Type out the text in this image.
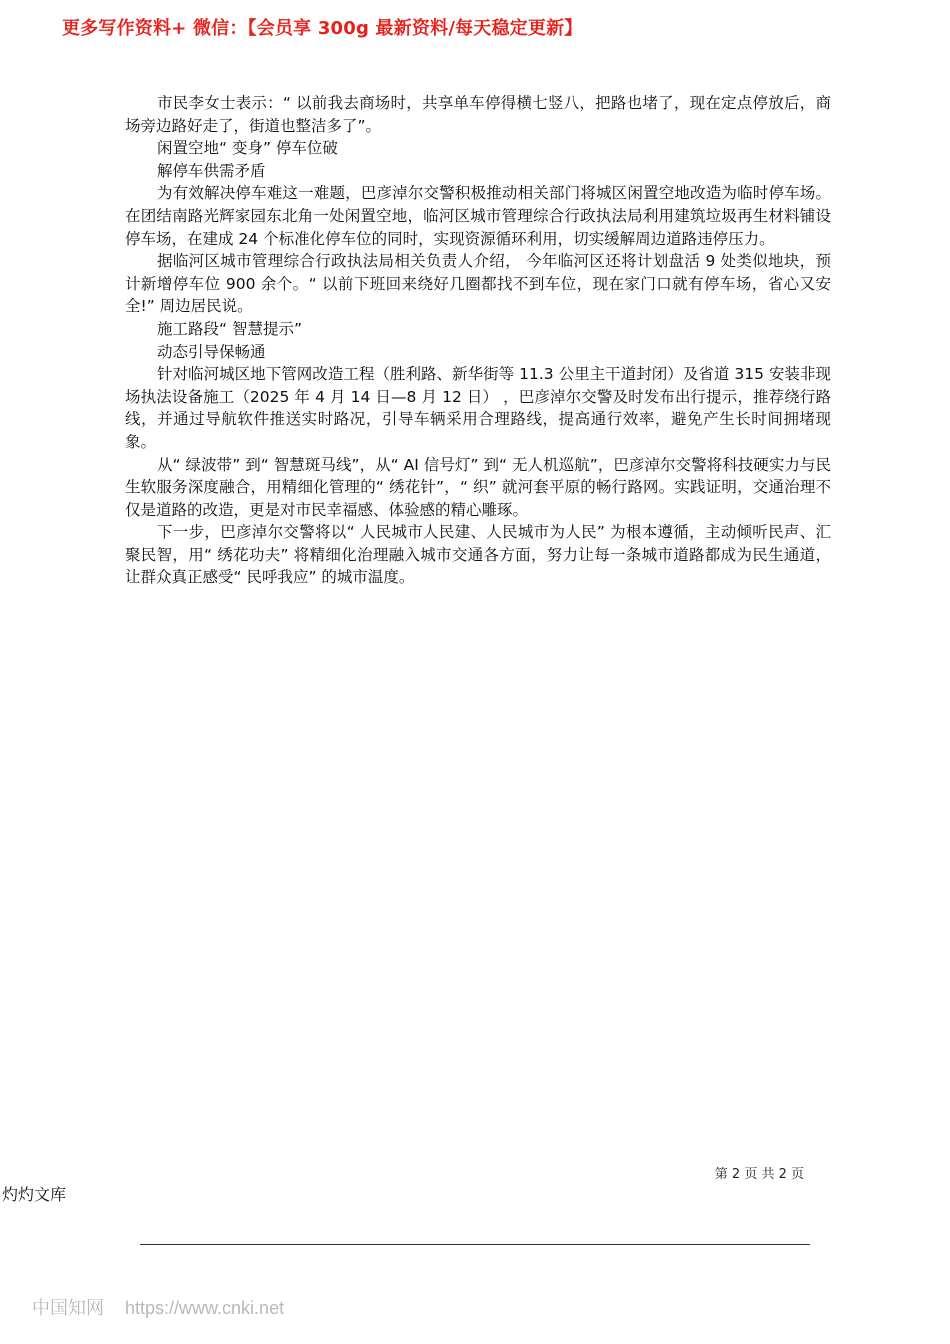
更多写作资料+ 微信：【会员享 300g 最新资料/每天稳定更新】

市民李女士表示：“ 以前我去商场时，共享单车停得横七竖八，把路也堵了，现在定点停放后，商场旁边路好走了，街道也整洁多了”。

闲置空地“ 变身” 停车位破

解停车供需矛盾

为有效解决停车难这一难题，巴彦淖尔交警积极推动相关部门将城区闲置空地改造为临时停车场。在团结南路光辉家园东北角一处闲置空地，临河区城市管理综合行政执法局利用建筑垃圾再生材料铺设停车场，在建成 24 个标准化停车位的同时，实现资源循环利用，切实缓解周边道路违停压力。

据临河区城市管理综合行政执法局相关负责人介绍， 今年临河区还将计划盘活 9 处类似地块，预计新增停车位 900 余个。“ 以前下班回来绕好几圈都找不到车位，现在家门口就有停车场，省心又安全!” 周边居民说。

施工路段“ 智慧提示”

动态引导保畅通

针对临河城区地下管网改造工程（胜利路、新华街等 11.3 公里主干道封闭）及省道 315 安装非现场执法设备施工（2025 年 4 月 14 日—8 月 12 日） ，巴彦淖尔交警及时发布出行提示，推荐绕行路线，并通过导航软件推送实时路况，引导车辆采用合理路线，提高通行效率，避免产生长时间拥堵现象。

从“ 绿波带” 到“ 智慧斑马线”，从“ AI 信号灯” 到“ 无人机巡航”，巴彦淖尔交警将科技硬实力与民生软服务深度融合，用精细化管理的“ 绣花针”，“ 织” 就河套平原的畅行路网。实践证明，交通治理不仅是道路的改造，更是对市民幸福感、体验感的精心雕琢。

下一步，巴彦淖尔交警将以“ 人民城市人民建、人民城市为人民” 为根本遵循，主动倾听民声、汇聚民智，用“ 绣花功夫” 将精细化治理融入城市交通各方面，努力让每一条城市道路都成为民生通道，让群众真正感受“ 民呼我应” 的城市温度。

第 2 页 共 2 页
灼灼文库
中国知网 https://www.cnki.net
